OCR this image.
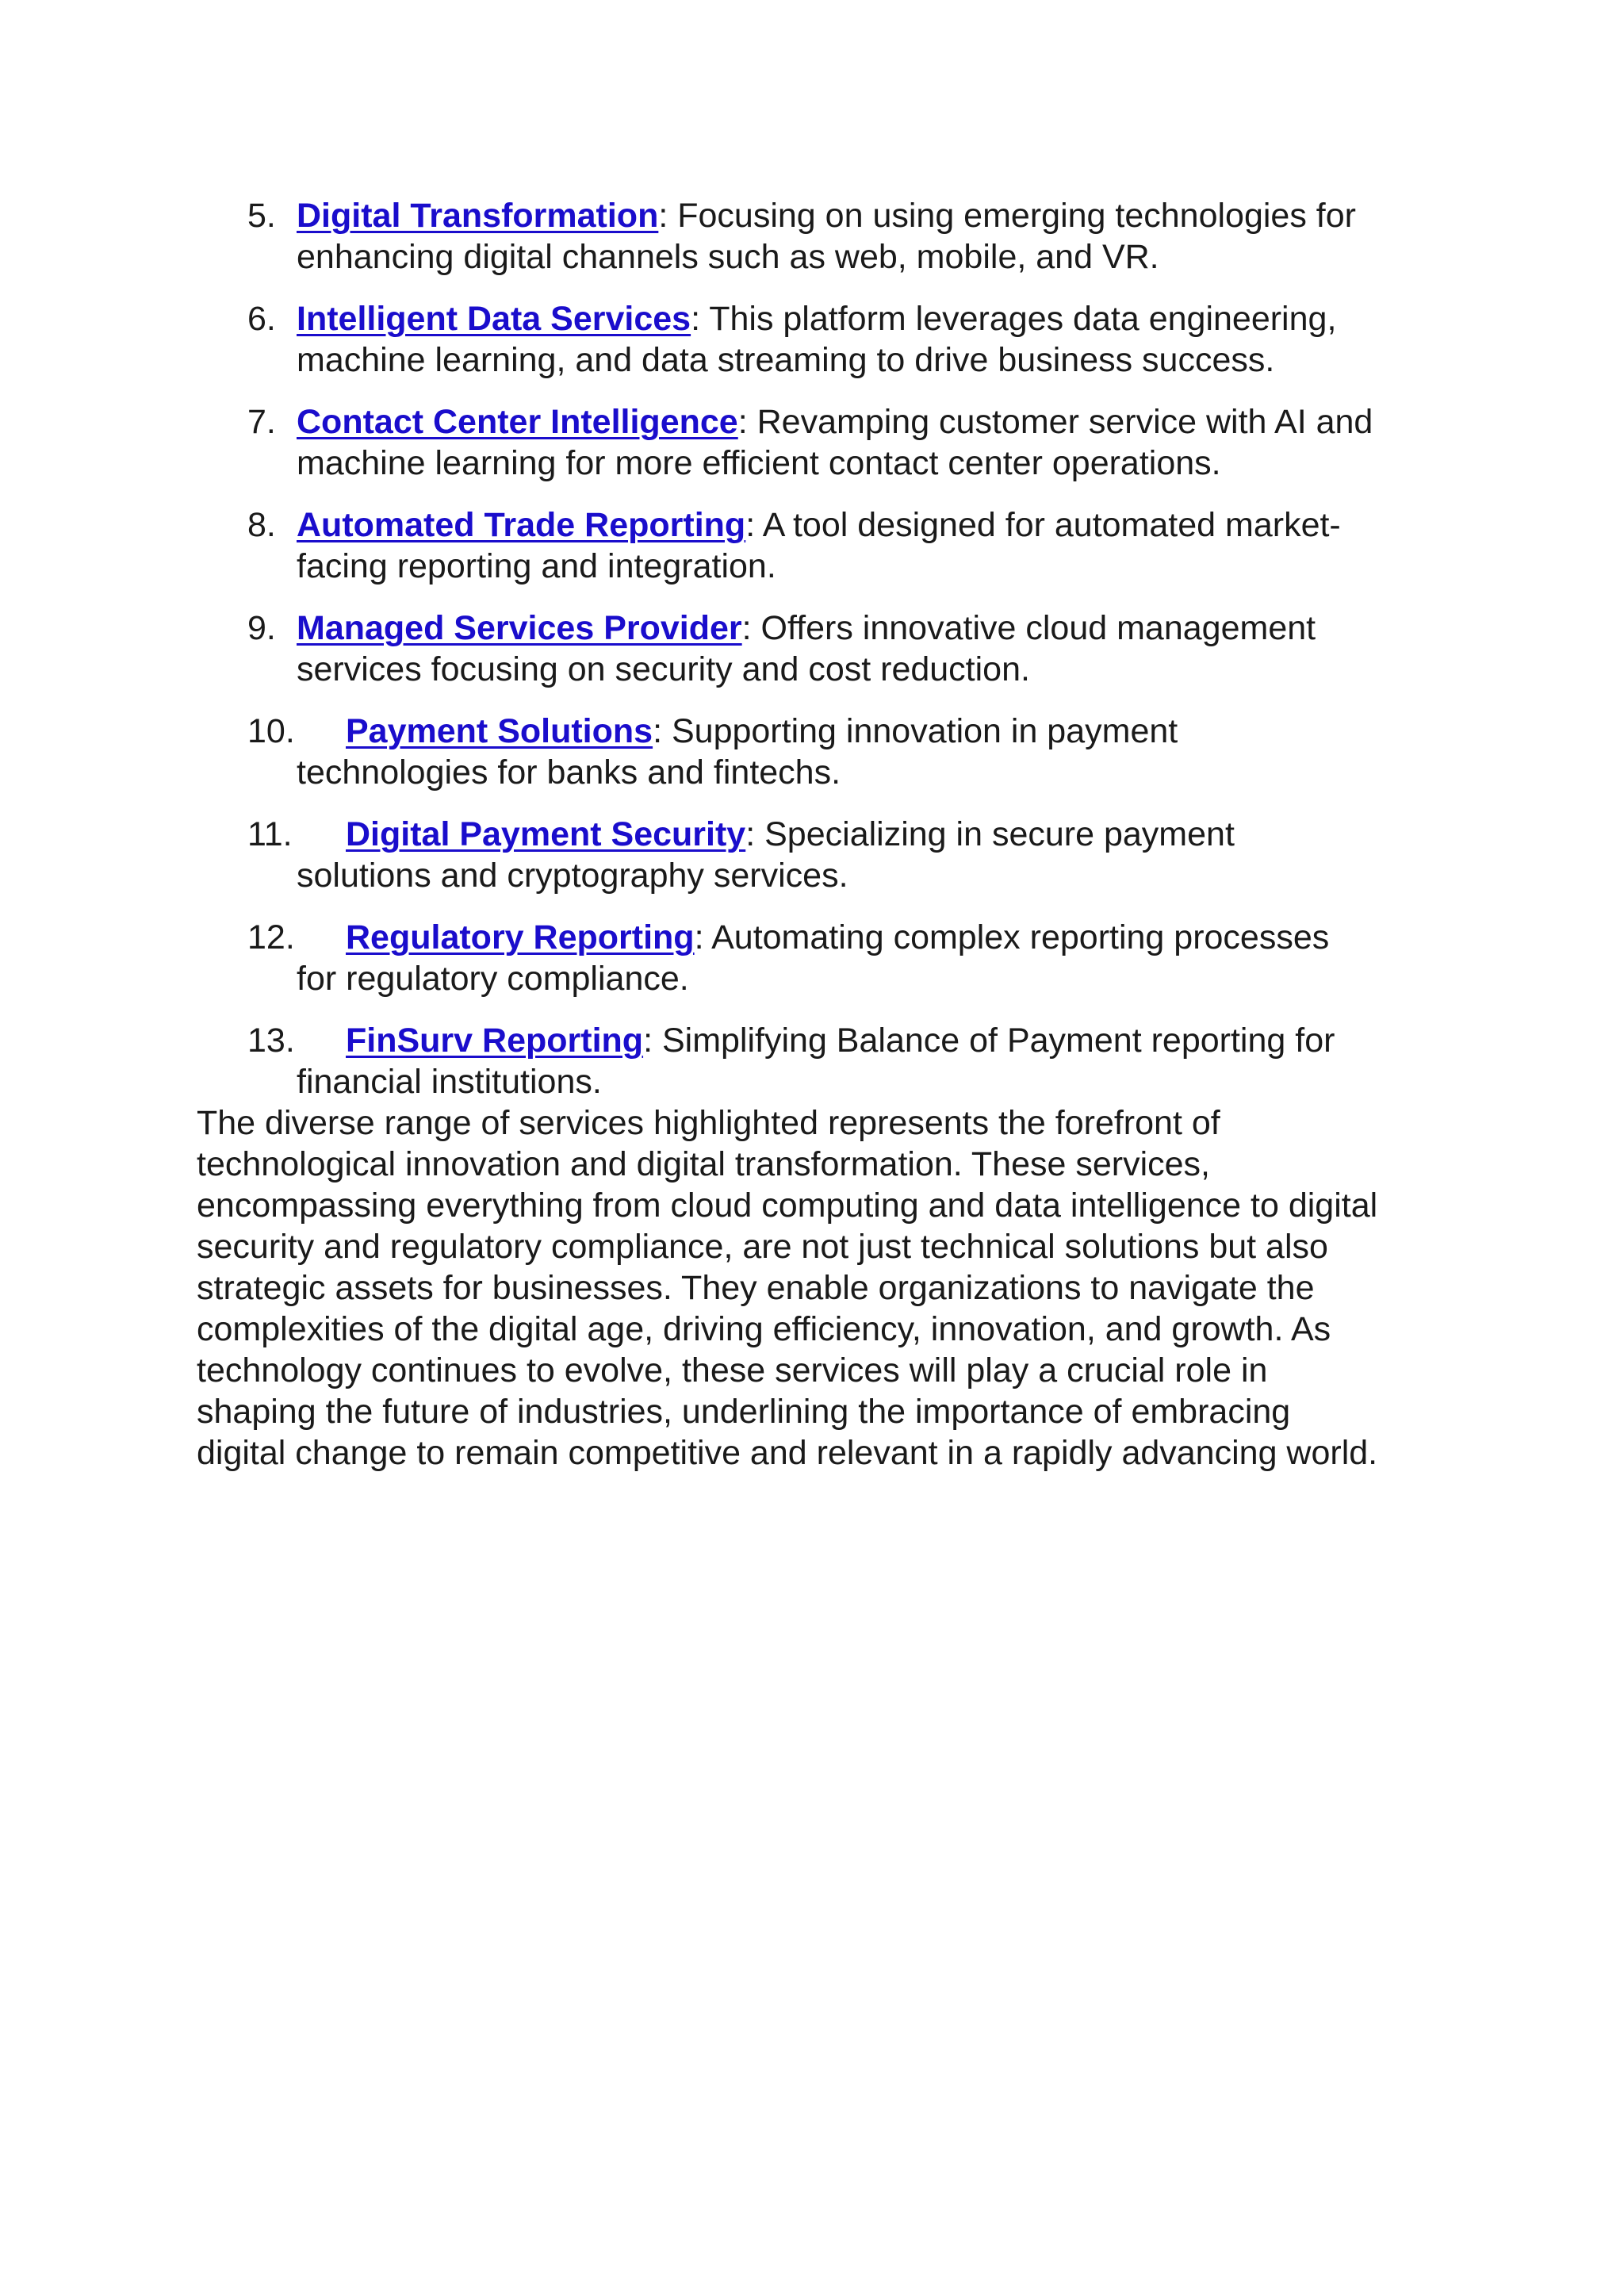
5. Digital Transformation: Focusing on using emerging technologies for
enhancing digital channels such as web, mobile, and VR.
6. Intelligent Data Services: This platform leverages data engineering,
machine learning, and data streaming to drive business success.
7. Contact Center Intelligence: Revamping customer service with AI and
machine learning for more efficient contact center operations.
8. Automated Trade Reporting: A tool designed for automated market-
facing reporting and integration.
9. Managed Services Provider: Offers innovative cloud management
services focusing on security and cost reduction.
10. Payment Solutions: Supporting innovation in payment
technologies for banks and fintechs.
11. Digital Payment Security: Specializing in secure payment
solutions and cryptography services.
12. Regulatory Reporting: Automating complex reporting processes
for regulatory compliance.
13. FinSurv Reporting: Simplifying Balance of Payment reporting for
financial institutions.

The diverse range of services highlighted represents the forefront of
technological innovation and digital transformation. These services,
encompassing everything from cloud computing and data intelligence to digital
security and regulatory compliance, are not just technical solutions but also
strategic assets for businesses. They enable organizations to navigate the
complexities of the digital age, driving efficiency, innovation, and growth. As
technology continues to evolve, these services will play a crucial role in
shaping the future of industries, underlining the importance of embracing
digital change to remain competitive and relevant in a rapidly advancing world.
